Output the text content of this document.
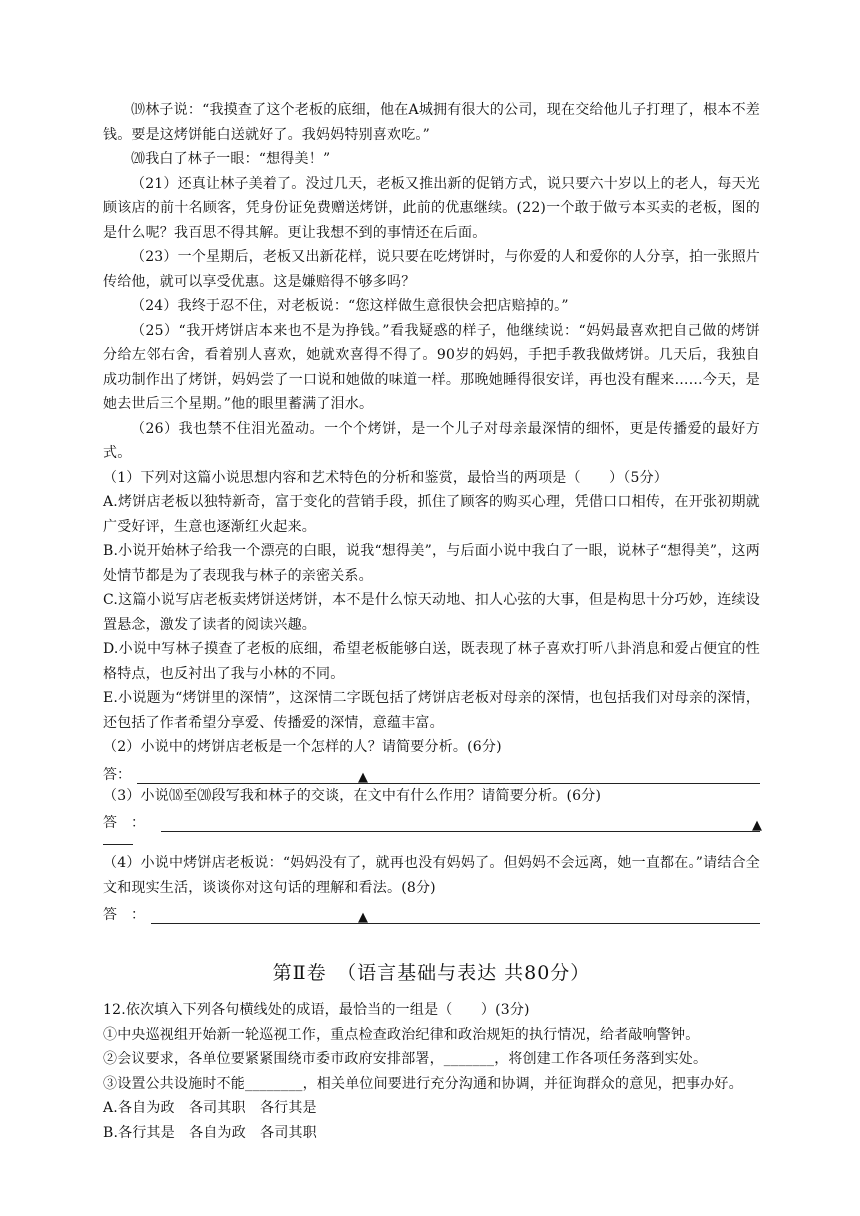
⒆林子说：“我摸查了这个老板的底细，他在A城拥有很大的公司，现在交给他儿子打理了，根本不差钱。要是这烤饼能白送就好了。我妈妈特别喜欢吃。”

⒇我白了林子一眼：“想得美！”

（21）还真让林子美着了。没过几天，老板又推出新的促销方式，说只要六十岁以上的老人，每天光顾该店的前十名顾客，凭身份证免费赠送烤饼，此前的优惠继续。(22)一个敢于做亏本买卖的老板，图的是什么呢？我百思不得其解。更让我想不到的事情还在后面。

（23）一个星期后，老板又出新花样，说只要在吃烤饼时，与你爱的人和爱你的人分享，拍一张照片传给他，就可以享受优惠。这是嫌赔得不够多吗？

（24）我终于忍不住，对老板说：“您这样做生意很快会把店赔掉的。”

（25）“我开烤饼店本来也不是为挣钱。”看我疑惑的样子，他继续说：“妈妈最喜欢把自己做的烤饼分给左邻右舍，看着别人喜欢，她就欢喜得不得了。90岁的妈妈，手把手教我做烤饼。几天后，我独自成功制作出了烤饼，妈妈尝了一口说和她做的味道一样。那晚她睡得很安详，再也没有醒来……今天，是她去世后三个星期。”他的眼里蓄满了泪水。

（26）我也禁不住泪光盈动。一个个烤饼，是一个儿子对母亲最深情的细怀，更是传播爱的最好方式。

（1）下列对这篇小说思想内容和艺术特色的分析和鉴赏，最恰当的两项是（　　）（5分）

A.烤饼店老板以独特新奇，富于变化的营销手段，抓住了顾客的购买心理，凭借口口相传，在开张初期就广受好评，生意也逐渐红火起来。

B.小说开始林子给我一个漂亮的白眼，说我“想得美”，与后面小说中我白了一眼，说林子“想得美”，这两处情节都是为了表现我与林子的亲密关系。

C.这篇小说写店老板卖烤饼送烤饼，本不是什么惊天动地、扣人心弦的大事，但是构思十分巧妙，连续设置悬念，激发了读者的阅读兴趣。

D.小说中写林子摸查了老板的底细，希望老板能够白送，既表现了林子喜欢打听八卦消息和爱占便宜的性格特点，也反衬出了我与小林的不同。

E.小说题为“烤饼里的深情”，这深情二字既包括了烤饼店老板对母亲的深情，也包括我们对母亲的深情，还包括了作者希望分享爱、传播爱的深情，意蕴丰富。

（2）小说中的烤饼店老板是一个怎样的人？请简要分析。(6分)

答：	▲

（3）小说⒅至⒇段写我和林子的交谈，在文中有什么作用？请简要分析。(6分)

答　：	▲

（4）小说中烤饼店老板说：“妈妈没有了，就再也没有妈妈了。但妈妈不会远离，她一直都在。”请结合全文和现实生活，谈谈你对这句话的理解和看法。(8分)

答　：	▲
第Ⅱ卷　（语言基础与表达 共80分）

12.依次填入下列各句横线处的成语，最恰当的一组是（　　）(3分)

①中央巡视组开始新一轮巡视工作，重点检查政治纪律和政治规矩的执行情况，给者敲响警钟。

②会议要求，各单位要紧紧围绕市委市政府安排部署，_______，将创建工作各项任务落到实处。

③设置公共设施时不能________，相关单位间要进行充分沟通和协调，并征询群众的意见，把事办好。

A.各自为政　各司其职　各行其是

B.各行其是　各自为政　各司其职
